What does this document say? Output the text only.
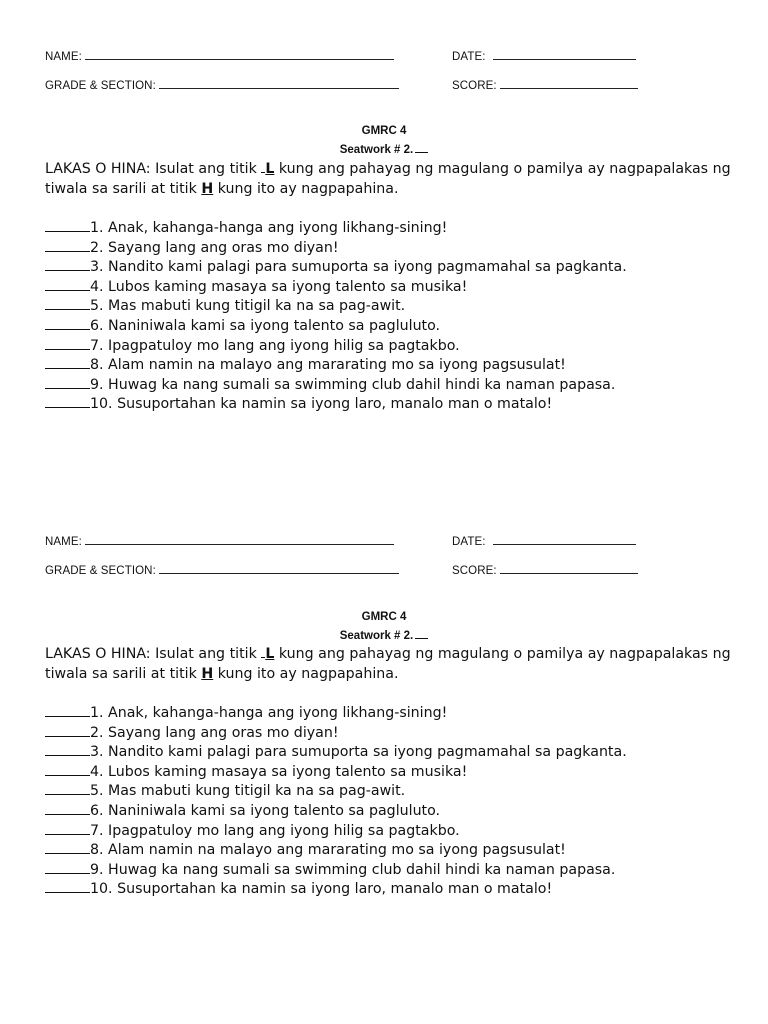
NAME:	DATE:
GRADE & SECTION:	SCORE:
GMRC 4
Seatwork # 2.
LAKAS O HINA: Isulat ang titik L kung ang pahayag ng magulang o pamilya ay nagpapalakas ng tiwala sa sarili at titik H kung ito ay nagpapahina.
1. Anak, kahanga-hanga ang iyong likhang-sining!
2. Sayang lang ang oras mo diyan!
3. Nandito kami palagi para sumuporta sa iyong pagmamahal sa pagkanta.
4. Lubos kaming masaya sa iyong talento sa musika!
5. Mas mabuti kung titigil ka na sa pag-awit.
6. Naniniwala kami sa iyong talento sa pagluluto.
7. Ipagpatuloy mo lang ang iyong hilig sa pagtakbo.
8. Alam namin na malayo ang mararating mo sa iyong pagsusulat!
9. Huwag ka nang sumali sa swimming club dahil hindi ka naman papasa.
10. Susuportahan ka namin sa iyong laro, manalo man o matalo!
NAME:	DATE:
GRADE & SECTION:	SCORE:
GMRC 4
Seatwork # 2.
LAKAS O HINA: Isulat ang titik L kung ang pahayag ng magulang o pamilya ay nagpapalakas ng tiwala sa sarili at titik H kung ito ay nagpapahina.
1. Anak, kahanga-hanga ang iyong likhang-sining!
2. Sayang lang ang oras mo diyan!
3. Nandito kami palagi para sumuporta sa iyong pagmamahal sa pagkanta.
4. Lubos kaming masaya sa iyong talento sa musika!
5. Mas mabuti kung titigil ka na sa pag-awit.
6. Naniniwala kami sa iyong talento sa pagluluto.
7. Ipagpatuloy mo lang ang iyong hilig sa pagtakbo.
8. Alam namin na malayo ang mararating mo sa iyong pagsusulat!
9. Huwag ka nang sumali sa swimming club dahil hindi ka naman papasa.
10. Susuportahan ka namin sa iyong laro, manalo man o matalo!
